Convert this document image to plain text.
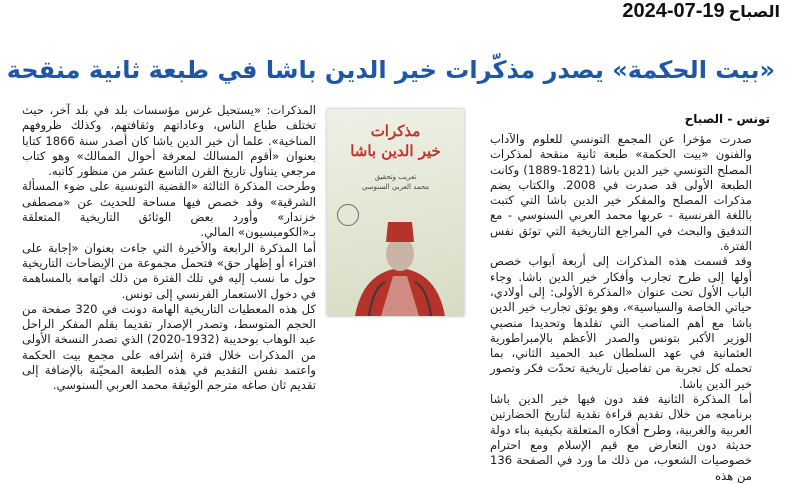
2024-07-19 الصباح
«بيت الحكمة» يصدر مذكّرات خير الدين باشا في طبعة ثانية منقحة
تونس - الصباح

صدرت مؤخرا عن المجمع التونسي للعلوم والآداب والفنون «بيت الحكمة» طبعة ثانية منقحة لمذكرات المصلح التونسي خير الدين باشا (1821-1889) وكانت الطبعة الأولى قد صدرت في 2008. والكتاب يضم مذكرات المصلح والمفكر خير الدين باشا التي كتبت باللغة الفرنسية - عربها محمد العربي السنوسي - مع التدقيق والبحث في المراجع التاريخية التي توثق نفس الفترة.

وقد قسمت هذه المذكرات إلى أربعة أبواب خصص أولها إلى طرح تجارب وأفكار خير الدين باشا. وجاء الباب الأول تحت عنوان «المذكرة الأولى: إلى أولادي، حياتي الخاصة والسياسية»، وهو يوثق تجارب خير الدين باشا مع أهم المناصب التي تقلدها وتحديدا منصبي الوزير الأكبر بتونس والصدر الأعظم بالإمبراطورية العثمانية في عهد السلطان عبد الحميد الثاني، بما تحمله كل تجربة من تفاصيل تاريخية تحدّت فكر وتصور خير الدين باشا.

أما المذكرة الثانية فقد دون فيها خير الدين باشا برنامجه من خلال تقديم قراءة نقدية لتاريخ الحضارتين العربية والغربية، وطرح أفكاره المتعلقة بكيفية بناء دولة حديثة دون التعارض مع قيم الإسلام ومع احترام خصوصيات الشعوب، من ذلك ما ورد في الصفحة 136 من هذه

المذكرات: «يستحيل غرس مؤسسات بلد في بلد آخر، حيث تختلف طباع الناس، وعاداتهم وثقافتهم، وكذلك ظروفهم المناخية». علما أن خير الدين باشا كان أصدر سنة 1866 كتابا بعنوان «أقوم المسالك لمعرفة أحوال الممالك» وهو كتاب مرجعي يتناول تاريخ القرن التاسع عشر من منظور كاتبه.

وطرحت المذكرة الثالثة «القضية التونسية على ضوء المسألة الشرقية» وقد خصص فيها مساحة للحديث عن «مصطفى خزندار» وأورد بعض الوثائق التاريخية المتعلقة بـ«الكوميسيون» المالي.

أما المذكرة الرابعة والأخيرة التي جاءت بعنوان «إجابة على افتراء أو إظهار حق» فتحمل مجموعة من الإيضاحات التاريخية حول ما نسب إليه في تلك الفترة من ذلك اتهامه بالمساهمة في دخول الاستعمار الفرنسي إلى تونس.

كل هذه المعطيات التاريخية الهامة دونت في 320 صفحة من الحجم المتوسط، وتصدر الإصدار تقديما بقلم المفكر الراحل عبد الوهاب بوحديبة (1932-2020) الذي تصدر النسخة الأولى من المذكرات خلال فترة إشرافه على مجمع بيت الحكمة واعتمد نفس التقديم في هذه الطبعة المحيّنة بالإضافة إلى تقديم ثان صاغه مترجم الوثيقة محمد العربي السنوسي.

مذكرات
خير الدين باشا
تعريب وتحقيق
محمد العربي السنوسي
